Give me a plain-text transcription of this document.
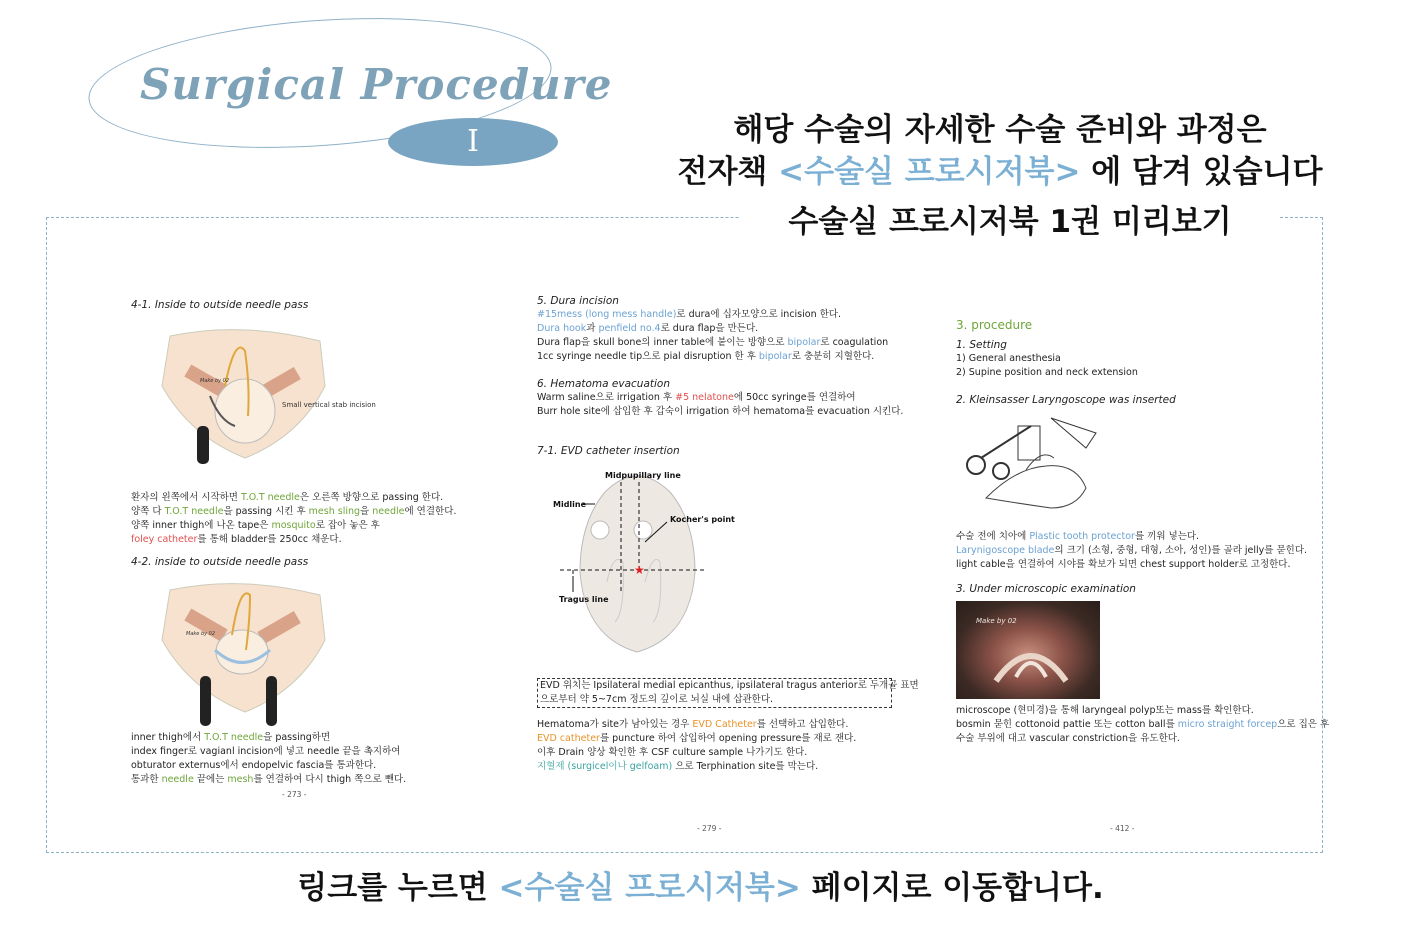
I
Surgical Procedure
해당 수술의 자세한 수술 준비와 과정은
전자책 <수술실 프로시저북> 에 담겨 있습니다
수술실 프로시저북 1권 미리보기

4-1. Inside to outside needle pass

Make by 02
Small vertical stab incision

환자의 왼쪽에서 시작하면 T.O.T needle은 오른쪽 방향으로 passing 한다.

양쪽 다 T.O.T needle을 passing 시킨 후 mesh sling을 needle에 연결한다.

양쪽 inner thigh에 나온 tape은 mosquito로 잡아 놓은 후

foley catheter를 통해 bladder를 250cc 채운다.

4-2. inside to outside needle pass

Make by 02

inner thigh에서 T.O.T needle을 passing하면

index finger로 vagianl incision에 넣고 needle 끝을 촉지하여

obturator externus에서 endopelvic fascia를 통과한다.

통과한 needle 끝에는 mesh를 연결하여 다시 thigh 쪽으로 뺀다.

- 273 -

5. Dura incision

#15mess (long mess handle)로 dura에 십자모양으로 incision 한다.

Dura hook과 penfield no.4로 dura flap을 만든다.

Dura flap을 skull bone의 inner table에 붙이는 방향으로 bipolar로 coagulation

1cc syringe needle tip으로 pial disruption 한 후 bipolar로 충분히 지혈한다.

6. Hematoma evacuation

Warm saline으로 irrigation 후 #5 nelatone에 50cc syringe를 연결하여

Burr hole site에 삽입한 후 갑숙이 irrigation 하여 hematoma를 evacuation 시킨다.

7-1. EVD catheter insertion

★
Midpupillary line
Midline
Kocher's point
Tragus line

EVD 위치는 Ipsilateral medial epicanthus, ipsilateral tragus anterior로 두개골 표면

으로부터 약 5~7cm 정도의 깊이로 뇌실 내에 삽관한다.

Hematoma가 site가 남아있는 경우 EVD Catheter를 선택하고 삽입한다.

EVD catheter를 puncture 하여 삽입하여 opening pressure를 재로 잰다.

이후 Drain 양상 확인한 후 CSF culture sample 나가기도 한다.

지혈제 (surgicel이나 gelfoam) 으로 Terphination site를 막는다.

- 279 -
3. procedure

1. Setting

1) General anesthesia

2) Supine position and neck extension

2. Kleinsasser Laryngoscope was inserted

수술 전에 치아에 Plastic tooth protector를 끼워 넣는다.

Larynigoscope blade의 크기 (소형, 중형, 대형, 소아, 성인)를 골라 jelly를 묻힌다.

light cable을 연결하여 시야를 확보가 되면 chest support holder로 고정한다.

3. Under microscopic examination

Make by 02

microscope (현미경)을 통해 laryngeal polyp또는 mass를 확인한다.

bosmin 묻힌 cottonoid pattie 또는 cotton ball를 micro straight forcep으로 집은 후

수술 부위에 대고 vascular constriction을 유도한다.

- 412 -
링크를 누르면 <수술실 프로시저북> 페이지로 이동합니다.
